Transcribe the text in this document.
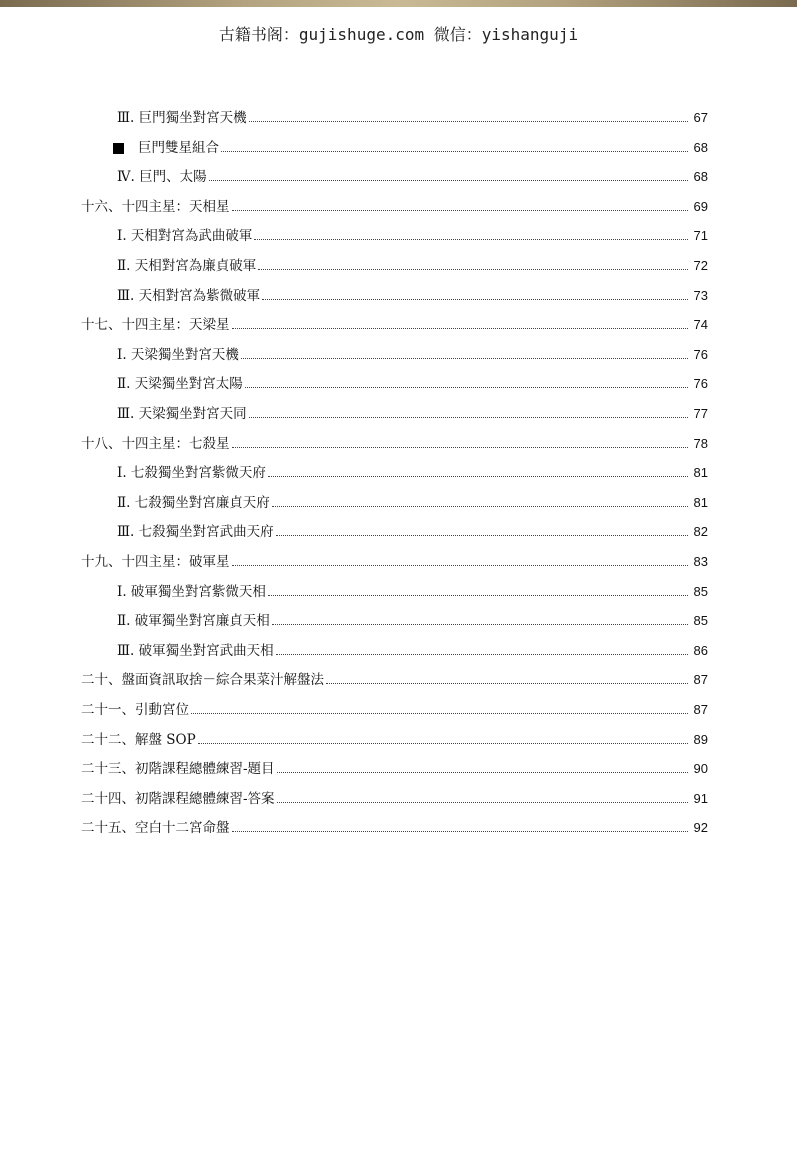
古籍书阁：gujishuge.com 微信：yishanguji
Ⅲ. 巨門獨坐對宮天機	67
巨門雙星組合	68
Ⅳ. 巨門、太陽	68
十六、十四主星：天相星	69
Ⅰ. 天相對宮為武曲破軍	71
Ⅱ. 天相對宮為廉貞破軍	72
Ⅲ. 天相對宮為紫微破軍	73
十七、十四主星：天梁星	74
Ⅰ. 天梁獨坐對宮天機	76
Ⅱ. 天梁獨坐對宮太陽	76
Ⅲ. 天梁獨坐對宮天同	77
十八、十四主星：七殺星	78
Ⅰ. 七殺獨坐對宮紫微天府	81
Ⅱ. 七殺獨坐對宮廉貞天府	81
Ⅲ. 七殺獨坐對宮武曲天府	82
十九、十四主星：破軍星	83
Ⅰ. 破軍獨坐對宮紫微天相	85
Ⅱ. 破軍獨坐對宮廉貞天相	85
Ⅲ. 破軍獨坐對宮武曲天相	86
二十、盤面資訊取捨－綜合果菜汁解盤法	87
二十一、引動宮位	87
二十二、解盤 SOP	89
二十三、初階課程總體練習-題目	90
二十四、初階課程總體練習-答案	91
二十五、空白十二宮命盤	92
